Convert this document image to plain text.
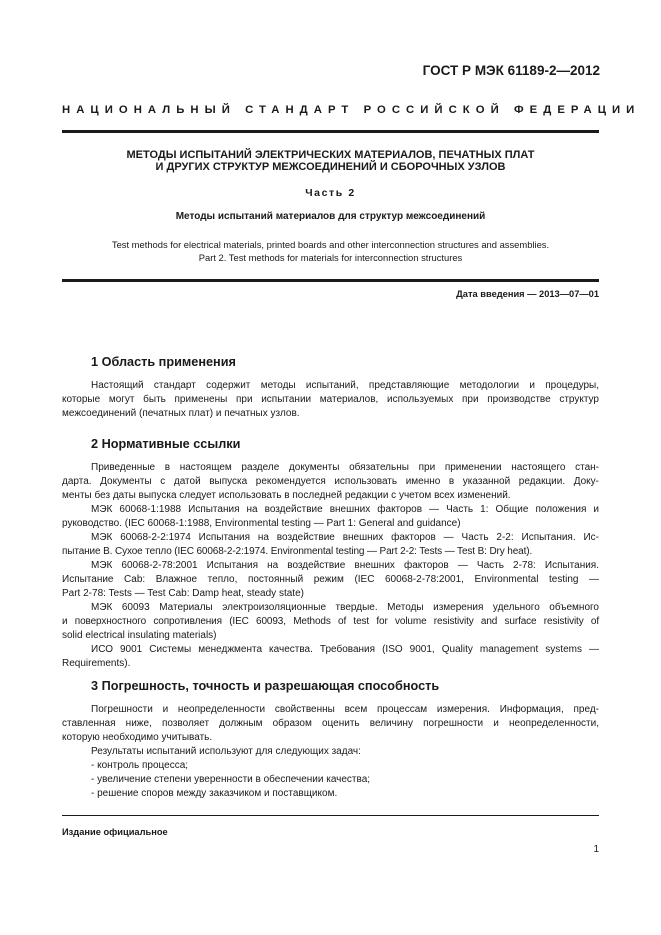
ГОСТ Р МЭК 61189-2—2012
НАЦИОНАЛЬНЫЙ СТАНДАРТ РОССИЙСКОЙ ФЕДЕРАЦИИ
МЕТОДЫ ИСПЫТАНИЙ ЭЛЕКТРИЧЕСКИХ МАТЕРИАЛОВ, ПЕЧАТНЫХ ПЛАТ
И ДРУГИХ СТРУКТУР МЕЖСОЕДИНЕНИЙ И СБОРОЧНЫХ УЗЛОВ
Часть 2
Методы испытаний материалов для структур межсоединений
Test methods for electrical materials, printed boards and other interconnection structures and assemblies.
Part 2. Test methods for materials for interconnection structures
Дата введения — 2013—07—01
1 Область применения
Настоящий стандарт содержит методы испытаний, представляющие методологии и процедуры,
которые могут быть применены при испытании материалов, используемых при производстве структур
межсоединений (печатных плат) и печатных узлов.
2 Нормативные ссылки
Приведенные в настоящем разделе документы обязательны при применении настоящего стан-
дарта. Документы с датой выпуска рекомендуется использовать именно в указанной редакции. Доку-
менты без даты выпуска следует использовать в последней редакции с учетом всех изменений.
МЭК 60068-1:1988 Испытания на воздействие внешних факторов — Часть 1: Общие положения и
руководство. (IEC 60068-1:1988, Environmental testing — Part 1: General and guidance)
МЭК 60068-2-2:1974 Испытания на воздействие внешних факторов — Часть 2-2: Испытания. Ис-
пытание B. Сухое тепло (IEC 60068-2-2:1974. Environmental testing — Part 2-2: Tests — Test B: Dry heat).
МЭК 60068-2-78:2001 Испытания на воздействие внешних факторов — Часть 2-78: Испытания.
Испытание Cab: Влажное тепло, постоянный режим (IEC 60068-2-78:2001, Environmental testing —
Part 2-78: Tests — Test Cab: Damp heat, steady state)
МЭК 60093 Материалы электроизоляционные твердые. Методы измерения удельного объемного
и поверхностного сопротивления (IEC 60093, Methods of test for volume resistivity and surface resistivity of
solid electrical insulating materials)
ИСО 9001 Системы менеджмента качества. Требования (ISO 9001, Quality management systems —
Requirements).
3 Погрешность, точность и разрешающая способность
Погрешности и неопределенности свойственны всем процессам измерения. Информация, пред-
ставленная ниже, позволяет должным образом оценить величину погрешности и неопределенности,
которую необходимо учитывать.
Результаты испытаний используют для следующих задач:
- контроль процесса;
- увеличение степени уверенности в обеспечении качества;
- решение споров между заказчиком и поставщиком.
Издание официальное
1
